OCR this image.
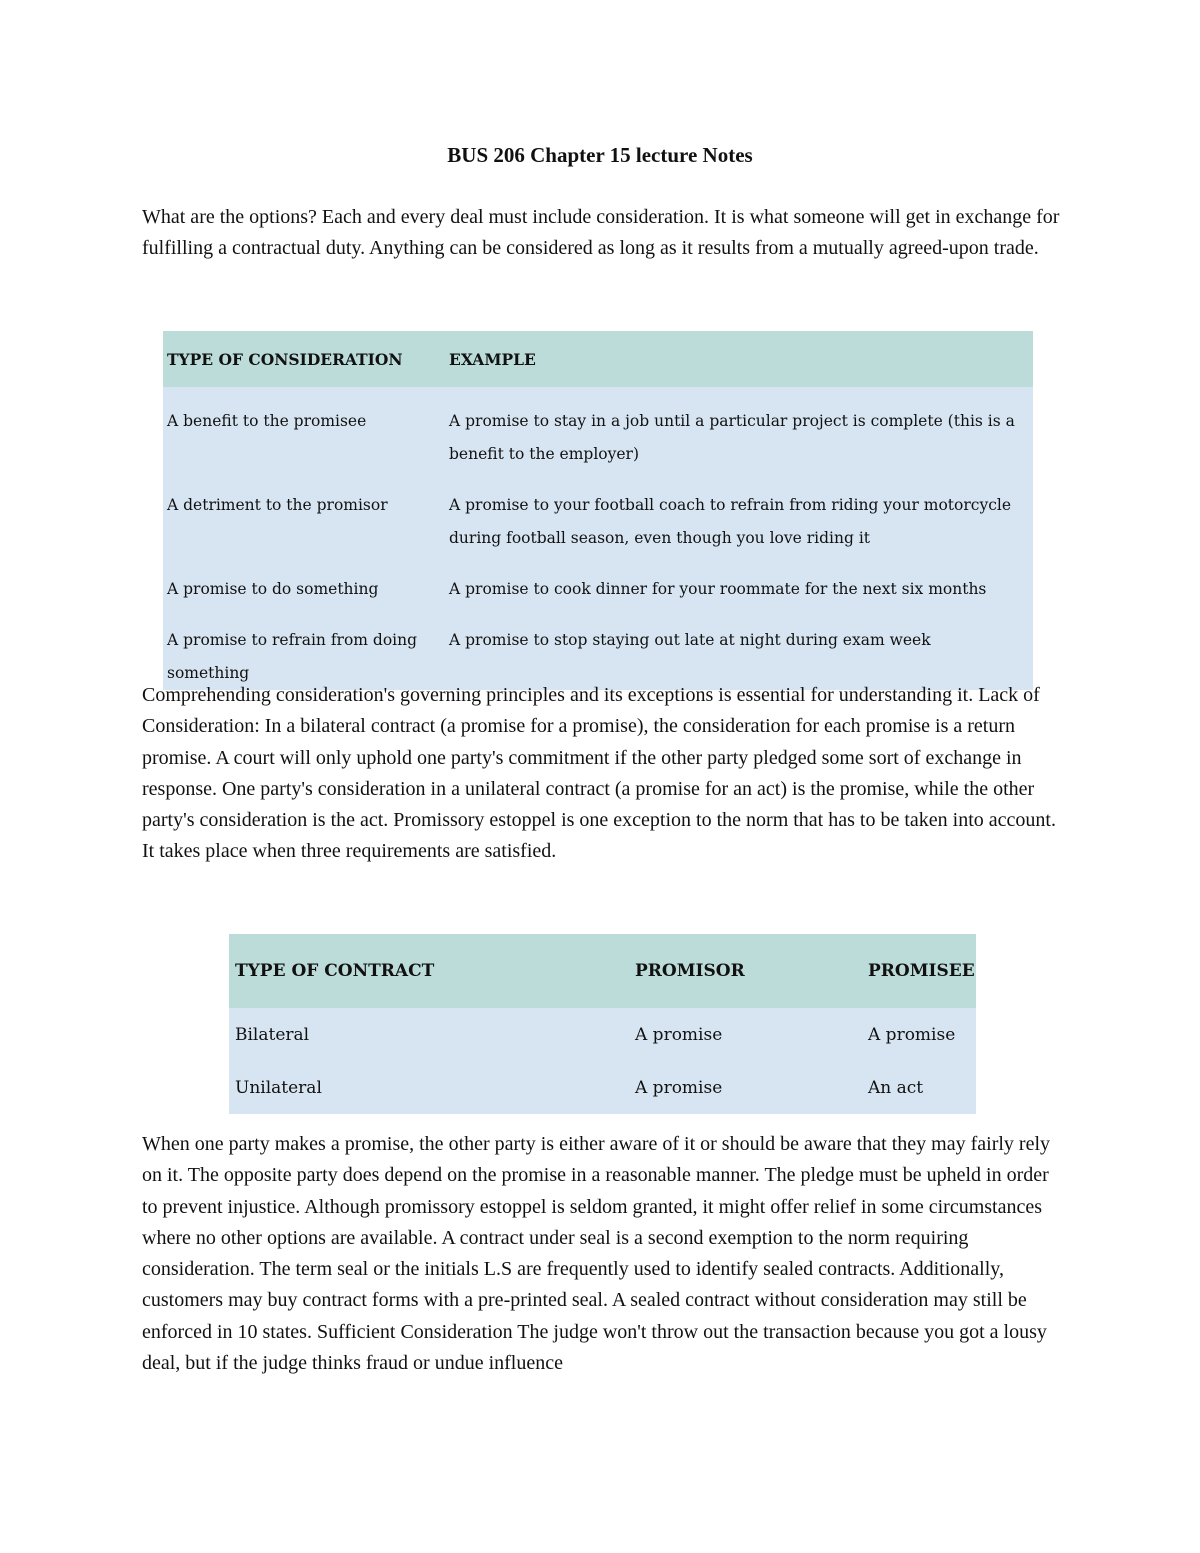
BUS 206 Chapter 15 lecture Notes

What are the options? Each and every deal must include consideration. It is what someone will get in exchange for fulfilling a contractual duty. Anything can be considered as long as it results from a mutually agreed-upon trade.

TYPE OF CONSIDERATION	EXAMPLE

A benefit to the promisee	A promise to stay in a job until a particular project is complete (this is a benefit to the employer)

A detriment to the promisor	A promise to your football coach to refrain from riding your motorcycle during football season, even though you love riding it

A promise to do something	A promise to cook dinner for your roommate for the next six months

A promise to refrain from doing something	A promise to stop staying out late at night during exam week

Comprehending consideration's governing principles and its exceptions is essential for understanding it. Lack of Consideration: In a bilateral contract (a promise for a promise), the consideration for each promise is a return promise. A court will only uphold one party's commitment if the other party pledged some sort of exchange in response. One party's consideration in a unilateral contract (a promise for an act) is the promise, while the other party's consideration is the act. Promissory estoppel is one exception to the norm that has to be taken into account. It takes place when three requirements are satisfied.

TYPE OF CONTRACT	PROMISOR	PROMISEE
Bilateral	A promise	A promise
Unilateral	A promise	An act

When one party makes a promise, the other party is either aware of it or should be aware that they may fairly rely on it. The opposite party does depend on the promise in a reasonable manner. The pledge must be upheld in order to prevent injustice. Although promissory estoppel is seldom granted, it might offer relief in some circumstances where no other options are available. A contract under seal is a second exemption to the norm requiring consideration. The term seal or the initials L.S are frequently used to identify sealed contracts. Additionally, customers may buy contract forms with a pre-printed seal. A sealed contract without consideration may still be enforced in 10 states. Sufficient Consideration The judge won't throw out the transaction because you got a lousy deal, but if the judge thinks fraud or undue influence
